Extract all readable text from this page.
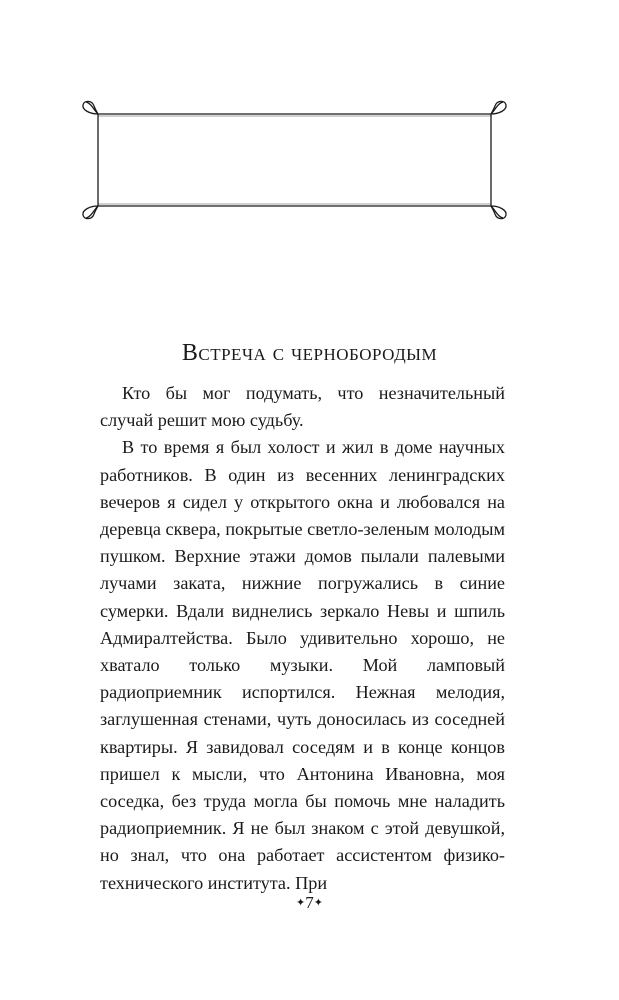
Встреча с чернобородым

Кто бы мог подумать, что незначительный случай решит мою судьбу.

В то время я был холост и жил в доме научных работников. В один из весенних ленинградских вечеров я сидел у открытого окна и любовался на деревца сквера, покрытые светло-зеленым молодым пушком. Верхние этажи домов пылали палевыми лучами заката, нижние погружались в синие сумерки. Вдали виднелись зеркало Невы и шпиль Адмиралтейства. Было удивительно хорошо, не хватало только музыки. Мой ламповый радиоприемник испортился. Нежная мелодия, заглушенная стенами, чуть доносилась из соседней квартиры. Я завидовал соседям и в конце концов пришел к мысли, что Антонина Ивановна, моя соседка, без труда могла бы помочь мне наладить радиоприемник. Я не был знаком с этой девушкой, но знал, что она работает ассистентом физико-технического института. При

✦7✦
